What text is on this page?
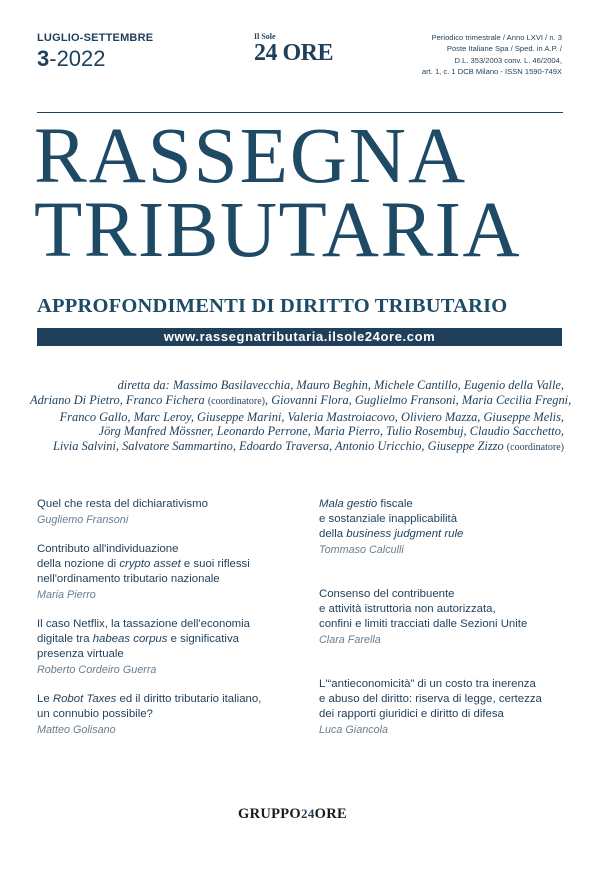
LUGLIO-SETTEMBRE
3-2022
Il Sole
24 ORE
Periodico trimestrale / Anno LXVI / n. 3
Poste Italiane Spa / Sped. in A.P. /
D.L. 353/2003 conv. L. 46/2004,
art. 1, c. 1 DCB Milano - ISSN 1590-749X
RASSEGNA
TRIBUTARIA
APPROFONDIMENTI DI DIRITTO TRIBUTARIO
www.rassegnatributaria.ilsole24ore.com
diretta da: Massimo Basilavecchia, Mauro Beghin, Michele Cantillo, Eugenio della Valle,
Adriano Di Pietro, Franco Fichera (coordinatore), Giovanni Flora, Guglielmo Fransoni, Maria Cecilia Fregni,
Franco Gallo, Marc Leroy, Giuseppe Marini, Valeria Mastroiacovo, Oliviero Mazza, Giuseppe Melis,
Jörg Manfred Mössner, Leonardo Perrone, Maria Pierro, Tulio Rosembuj, Claudio Sacchetto,
Livia Salvini, Salvatore Sammartino, Edoardo Traversa, Antonio Uricchio, Giuseppe Zizzo (coordinatore)
Quel che resta del dichiarativismo
Gugliemo Fransoni
Contributo all'individuazione
della nozione di crypto asset e suoi riflessi
nell'ordinamento tributario nazionale
Maria Pierro
Il caso Netflix, la tassazione dell'economia
digitale tra habeas corpus e significativa
presenza virtuale
Roberto Cordeiro Guerra
Le Robot Taxes ed il diritto tributario italiano,
un connubio possibile?
Matteo Golisano
Mala gestio fiscale
e sostanziale inapplicabilità
della business judgment rule
Tommaso Calculli
Consenso del contribuente
e attività istruttoria non autorizzata,
confini e limiti tracciati dalle Sezioni Unite
Clara Farella
L'“antieconomicità” di un costo tra inerenza
e abuso del diritto: riserva di legge, certezza
dei rapporti giuridici e diritto di difesa
Luca Giancola
GRUPPO24ORE
